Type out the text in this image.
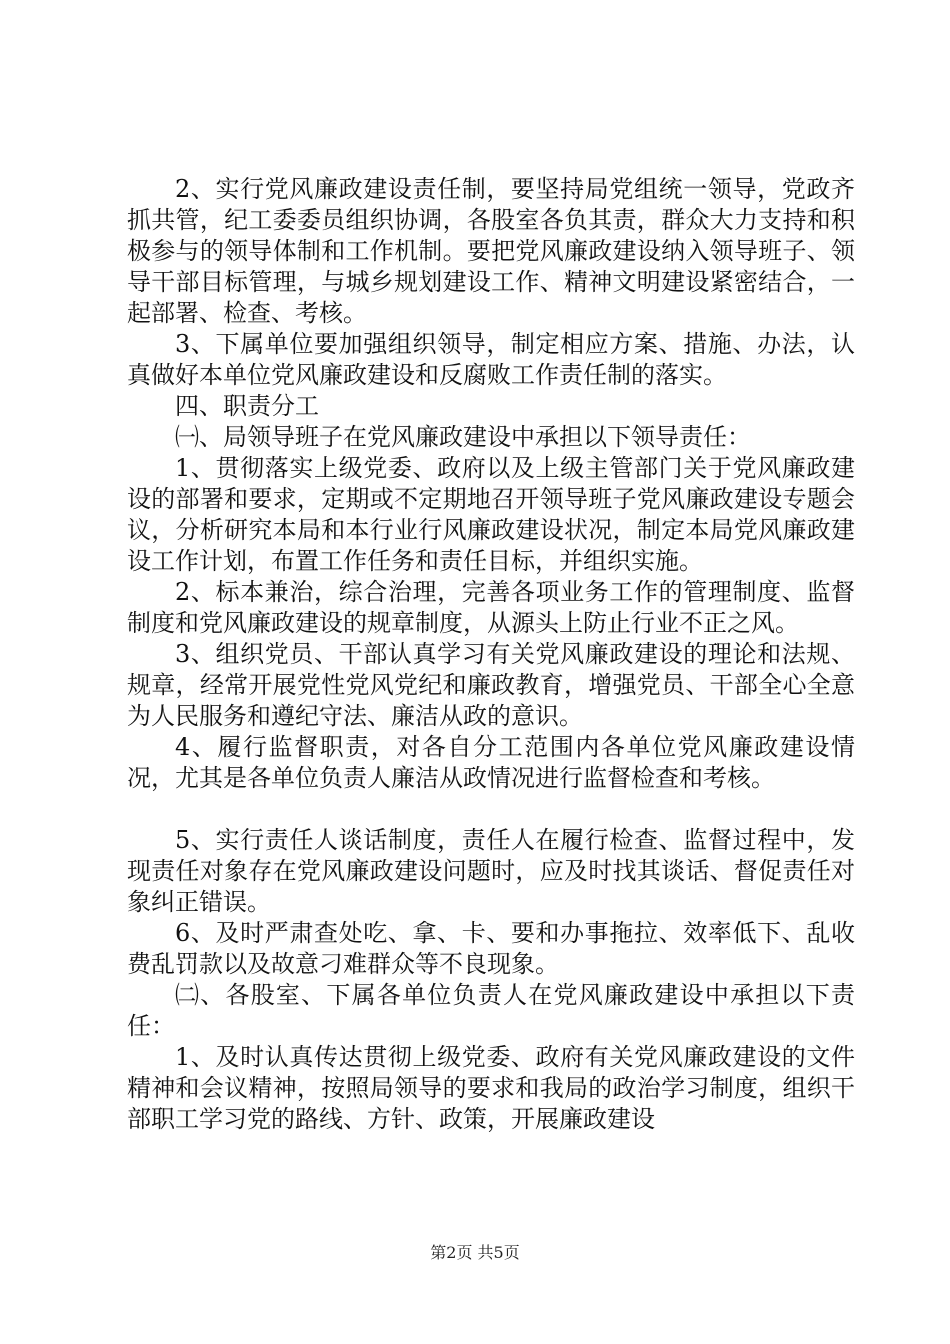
2、实行党风廉政建设责任制，要坚持局党组统一领导，党政齐抓共管，纪工委委员组织协调，各股室各负其责，群众大力支持和积极参与的领导体制和工作机制。要把党风廉政建设纳入领导班子、领导干部目标管理，与城乡规划建设工作、精神文明建设紧密结合，一起部署、检查、考核。

3、下属单位要加强组织领导，制定相应方案、措施、办法，认真做好本单位党风廉政建设和反腐败工作责任制的落实。

四、职责分工

㈠、局领导班子在党风廉政建设中承担以下领导责任：

1、贯彻落实上级党委、政府以及上级主管部门关于党风廉政建设的部署和要求，定期或不定期地召开领导班子党风廉政建设专题会议，分析研究本局和本行业行风廉政建设状况，制定本局党风廉政建设工作计划，布置工作任务和责任目标，并组织实施。

2、标本兼治，综合治理，完善各项业务工作的管理制度、监督制度和党风廉政建设的规章制度，从源头上防止行业不正之风。

3、组织党员、干部认真学习有关党风廉政建设的理论和法规、规章，经常开展党性党风党纪和廉政教育，增强党员、干部全心全意为人民服务和遵纪守法、廉洁从政的意识。

4、履行监督职责，对各自分工范围内各单位党风廉政建设情况，尤其是各单位负责人廉洁从政情况进行监督检查和考核。

5、实行责任人谈话制度，责任人在履行检查、监督过程中，发现责任对象存在党风廉政建设问题时，应及时找其谈话、督促责任对象纠正错误。

6、及时严肃查处吃、拿、卡、要和办事拖拉、效率低下、乱收费乱罚款以及故意刁难群众等不良现象。

㈡、各股室、下属各单位负责人在党风廉政建设中承担以下责任：

1、及时认真传达贯彻上级党委、政府有关党风廉政建设的文件精神和会议精神，按照局领导的要求和我局的政治学习制度，组织干部职工学习党的路线、方针、政策，开展廉政建设

第2页 共5页
